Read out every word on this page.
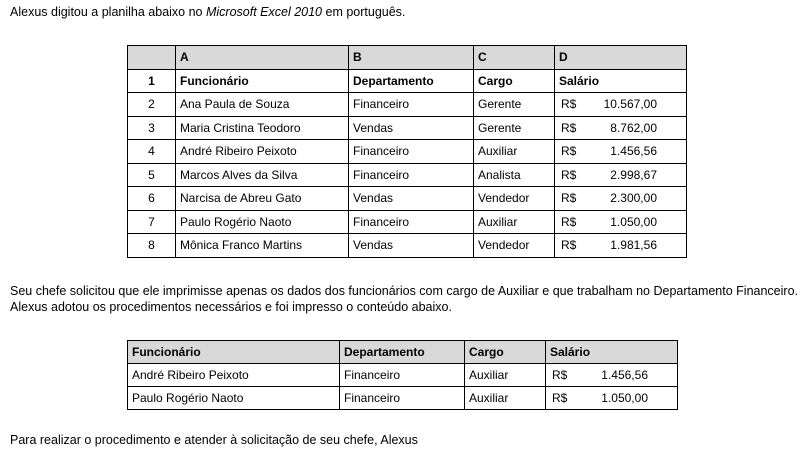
Alexus digitou a planilha abaixo no Microsoft Excel 2010 em português.

	A	B	C	D
1	Funcionário	Departamento	Cargo	Salário
2	Ana Paula de Souza	Financeiro	Gerente	R$ 10.567,00

3	Maria Cristina Teodoro	Vendas	Gerente	R$ 8.762,00

4	André Ribeiro Peixoto	Financeiro	Auxiliar	R$ 1.456,56

5	Marcos Alves da Silva	Financeiro	Analista	R$ 2.998,67

6	Narcisa de Abreu Gato	Vendas	Vendedor	R$ 2.300,00

7	Paulo Rogério Naoto	Financeiro	Auxiliar	R$ 1.050,00

8	Mônica Franco Martins	Vendas	Vendedor	R$ 1.981,56

Seu chefe solicitou que ele imprimisse apenas os dados dos funcionários com cargo de Auxiliar e que trabalham no Departamento Financeiro. Alexus adotou os procedimentos necessários e foi impresso o conteúdo abaixo.

Funcionário	Departamento	Cargo	Salário
André Ribeiro Peixoto	Financeiro	Auxiliar	R$ 1.456,56

Paulo Rogério Naoto	Financeiro	Auxiliar	R$ 1.050,00

Para realizar o procedimento e atender à solicitação de seu chefe, Alexus
